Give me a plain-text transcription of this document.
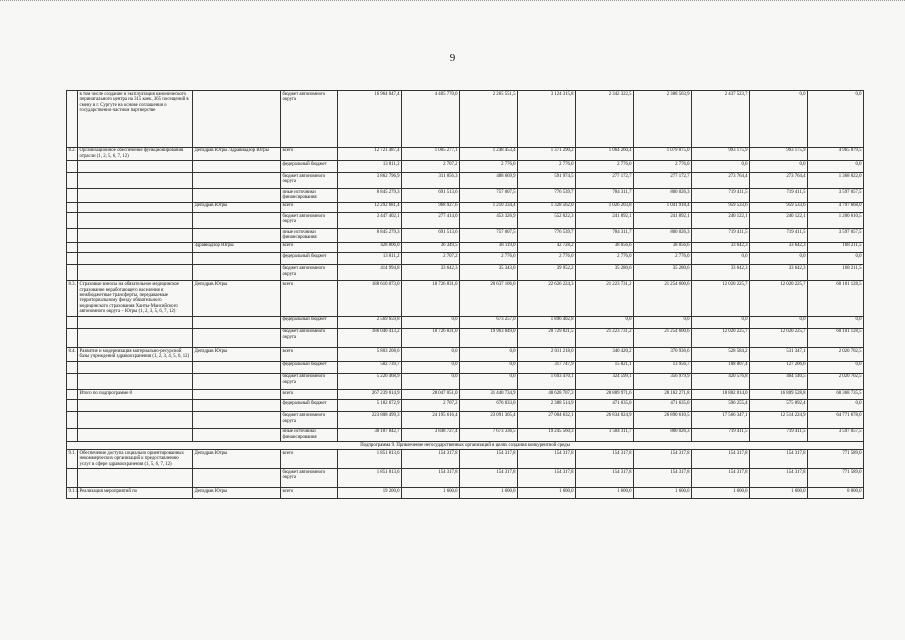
9
	в том числе создание и эксплуатация канонического перинатального центра на 315 коек, 365 посещений в смену в г. Сургуте на основе соглашения о государственно-частном партнерстве		бюджет автономного округа	16 964 047,4	4 405 770,0	2 265 551,5	3 124 315,8	2 342 322,5	2 388 563,9	2 437 523,7	0,0	0,0
8.2.	Организационное обеспечение функционирования отрасли (1, 2, 5, 6, 7, 12)	Депздрав Югры /Здравнадзор Югры	всего	12 721 487,4	1 005 277,1	1 248 453,4	1 371 290,2	1 064 260,4	1 079 875,0	993 175,9	993 175,9	4 965 879,5
			федеральный бюджет	13 811,2	2 707,2	2 776,0	2 776,0	2 776,0	2 776,0	0,0	0,0	0,0
			бюджет автономного округа	3 862 796,9	311 056,3	488 669,9	591 974,5	277 172,7	277 172,7	273 764,4	273 764,4	1 368 822,0
			иные источники финансирования	8 845 279,3	691 513,6	757 007,5	776 539,7	784 311,7	800 026,3	719 411,5	719 411,5	3 597 057,5
		Депздрав Югры	всего	12 292 681,4	968 927,6	1 210 334,4	1 328 562,0	1 026 203,8	1 041 918,4	959 533,6	959 533,6	4 797 668,0
			бюджет автономного округа	3 447 402,1	277 414,0	453 326,9	552 022,3	241 892,1	241 892,1	240 122,1	240 122,1	1 200 610,5
			иные источники финансирования	8 845 279,3	691 513,6	757 007,5	776 539,7	784 311,7	800 026,3	719 411,5	719 411,5	3 597 057,5
		Здравнадзор Югры	всего	428 806,0	36 349,5	38 119,0	42 728,2	38 056,6	38 056,6	33 642,3	33 642,3	168 211,5
			федеральный бюджет	13 811,2	2 707,2	2 776,0	2 776,0	2 776,0	2 776,0	0,0	0,0	0,0
			бюджет автономного округа	414 994,8	33 642,3	35 343,0	39 952,2	35 280,6	35 280,6	33 642,3	33 642,3	168 211,5
8.3.	Страховые взносы на обязательное медицинское страхование неработающего населения и межбюджетные трансферты, передаваемые территориальному фонду обязательного медицинского страхования Ханты-Мансийского автономного округа – Югры (1, 2, 3, 5, 6, 7, 12)	Депздрав Югры	всего	188 610 073,0	18 726 831,0	20 637 106,0	22 626 224,3	21 223 731,2	21 254 600,6	12 020 225,7	12 020 225,7	60 101 128,5
			федеральный бюджет	2 569 659,8	0,0	673 257,0	1 896 402,8	0,0	0,0	0,0	0,0	0,0
			бюджет автономного округа	186 040 413,2	18 726 831,0	19 963 849,0	20 729 821,5	21 223 731,2	21 254 600,6	12 020 225,7	12 020 225,7	60 101 128,5
8.4.	Развитие и модернизация материально-ресурсной базы учреждений здравоохранения (1, 2, 3, 4, 5, 6, 12)	Депздрав Югры	всего	5 803 208,6	0,0	0,0	2 011 218,0	340 420,2	370 936,6	528 584,2	531 347,1	2 020 702,5
			федеральный бюджет	582 739,7	0,0	0,0	317 747,9	15 821,1	13 956,7	108 007,4	127 206,6	0,0
			бюджет автономного округа	5 220 468,9	0,0	0,0	1 693 470,1	324 599,1	356 979,9	420 576,8	404 140,5	2 020 702,5
	Итого по подпрограмме 8		всего	267 239 014,9	28 047 051,0	31 440 734,9	48 628 707,3	28 889 971,6	28 162 271,8	18 882 014,0	16 809 528,8	68 368 735,5
			федеральный бюджет	5 182 672,9	2 707,2	676 033,0	2 388 514,9	471 635,0	471 635,0	596 255,4	575 892,4	0,0
			бюджет автономного округа	223 808 499,3	24 195 616,4	23 091 365,4	27 004 632,1	26 834 024,9	26 890 610,5	17 566 347,1	12 514 224,9	64 771 678,0
			иные источники финансирования	38 187 842,7	3 848 727,4	7 673 336,5	19 245 560,3	1 584 311,7	800 026,3	719 411,5	719 411,5	3 597 057,5
Подпрограмма 9. Привлечение негосударственных организаций в целях создания конкурентной среды												
9.1.	Обеспечение доступа социально ориентированных некоммерческих организаций к предоставлению услуг в сфере здравоохранения (1, 5, 6, 7, 12)	Депздрав Югры	всего	1 851 813,6	154 317,8	154 317,8	154 317,8	154 317,8	154 317,8	154 317,8	154 317,8	771 589,0
			бюджет автономного округа	1 851 813,6	154 317,8	154 317,8	154 317,8	154 317,8	154 317,8	154 317,8	154 317,8	771 589,0
9.1.1.	Реализация мероприятий по	Депздрав Югры	всего	19 200,0	1 600,0	1 600,0	1 600,0	1 600,0	1 600,0	1 600,0	1 600,0	8 000,0
